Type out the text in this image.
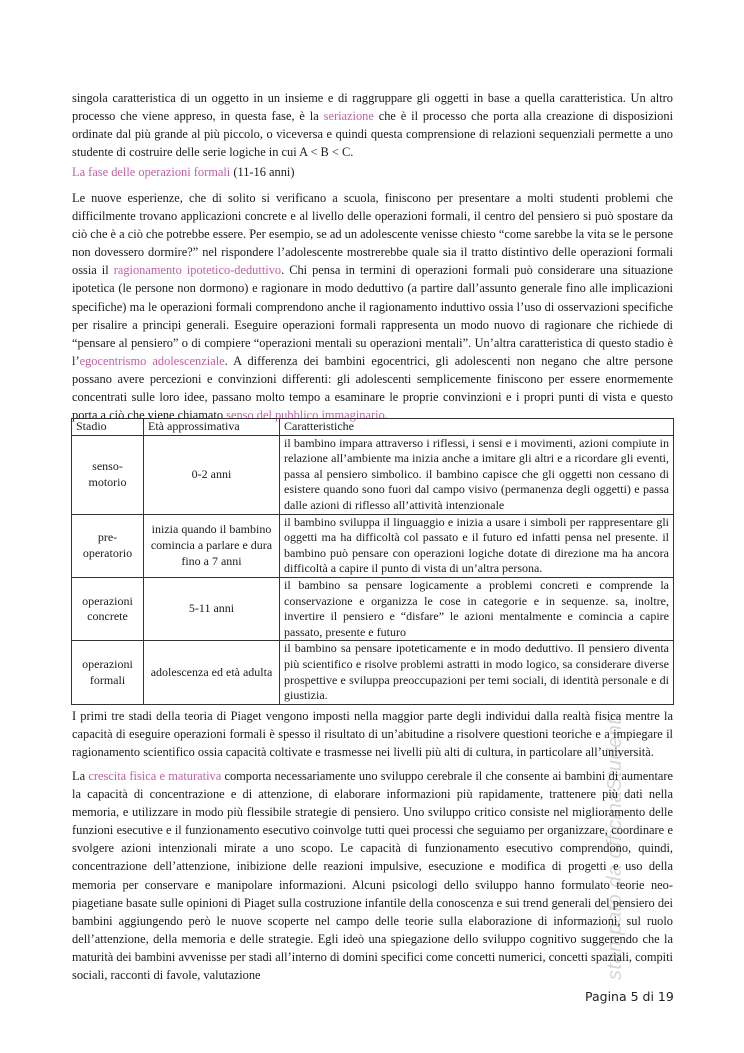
stampato da officinaStudenti

singola caratteristica di un oggetto in un insieme e di raggruppare gli oggetti in base a quella caratteristica. Un altro processo che viene appreso, in questa fase, è la seriazione che è il processo che porta alla creazione di disposizioni ordinate dal più grande al più piccolo, o viceversa e quindi questa comprensione di relazioni sequenziali permette a uno studente di costruire delle serie logiche in cui A < B < C.

La fase delle operazioni formali (11-16 anni)

Le nuove esperienze, che di solito si verificano a scuola, finiscono per presentare a molti studenti problemi che difficilmente trovano applicazioni concrete e al livello delle operazioni formali, il centro del pensiero si può spostare da ciò che è a ciò che potrebbe essere. Per esempio, se ad un adolescente venisse chiesto “come sarebbe la vita se le persone non dovessero dormire?” nel rispondere l’adolescente mostrerebbe quale sia il tratto distintivo delle operazioni formali ossia il ragionamento ipotetico-deduttivo. Chi pensa in termini di operazioni formali può considerare una situazione ipotetica (le persone non dormono) e ragionare in modo deduttivo (a partire dall’assunto generale fino alle implicazioni specifiche) ma le operazioni formali comprendono anche il ragionamento induttivo ossia l’uso di osservazioni specifiche per risalire a principi generali. Eseguire operazioni formali rappresenta un modo nuovo di ragionare che richiede di “pensare al pensiero” o di compiere “operazioni mentali su operazioni mentali”. Un’altra caratteristica di questo stadio è l’egocentrismo adolescenziale. A differenza dei bambini egocentrici, gli adolescenti non negano che altre persone possano avere percezioni e convinzioni differenti: gli adolescenti semplicemente finiscono per essere enormemente concentrati sulle loro idee, passano molto tempo a esaminare le proprie convinzioni e i propri punti di vista e questo porta a ciò che viene chiamato senso del pubblico immaginario.

Stadio	Età approssimativa	Caratteristiche
senso-motorio	0-2 anni	il bambino impara attraverso i riflessi, i sensi e i movimenti, azioni compiute in relazione all’ambiente ma inizia anche a imitare gli altri e a ricordare gli eventi, passa al pensiero simbolico. il bambino capisce che gli oggetti non cessano di esistere quando sono fuori dal campo visivo (permanenza degli oggetti) e passa dalle azioni di riflesso all’attività intenzionale
pre-operatorio	inizia quando il bambino comincia a parlare e dura fino a 7 anni	il bambino sviluppa il linguaggio e inizia a usare i simboli per rappresentare gli oggetti ma ha difficoltà col passato e il futuro ed infatti pensa nel presente. il bambino può pensare con operazioni logiche dotate di direzione ma ha ancora difficoltà a capire il punto di vista di un’altra persona.
operazioni concrete	5-11 anni	il bambino sa pensare logicamente a problemi concreti e comprende la conservazione e organizza le cose in categorie e in sequenze. sa, inoltre, invertire il pensiero e “disfare” le azioni mentalmente e comincia a capire passato, presente e futuro
operazioni formali	adolescenza ed età adulta	il bambino sa pensare ipoteticamente e in modo deduttivo. Il pensiero diventa più scientifico e risolve problemi astratti in modo logico, sa considerare diverse prospettive e sviluppa preoccupazioni per temi sociali, di identità personale e di giustizia.

I primi tre stadi della teoria di Piaget vengono imposti nella maggior parte degli individui dalla realtà fisica mentre la capacità di eseguire operazioni formali è spesso il risultato di un’abitudine a risolvere questioni teoriche e a impiegare il ragionamento scientifico ossia capacità coltivate e trasmesse nei livelli più alti di cultura, in particolare all’università.

La crescita fisica e maturativa comporta necessariamente uno sviluppo cerebrale il che consente ai bambini di aumentare la capacità di concentrazione e di attenzione, di elaborare informazioni più rapidamente, trattenere più dati nella memoria, e utilizzare in modo più flessibile strategie di pensiero. Uno sviluppo critico consiste nel miglioramento delle funzioni esecutive e il funzionamento esecutivo coinvolge tutti quei processi che seguiamo per organizzare, coordinare e svolgere azioni intenzionali mirate a uno scopo. Le capacità di funzionamento esecutivo comprendono, quindi, concentrazione dell’attenzione, inibizione delle reazioni impulsive, esecuzione e modifica di progetti e uso della memoria per conservare e manipolare informazioni. Alcuni psicologi dello sviluppo hanno formulato teorie neo-piagetiane basate sulle opinioni di Piaget sulla costruzione infantile della conoscenza e sui trend generali del pensiero dei bambini aggiungendo però le nuove scoperte nel campo delle teorie sulla elaborazione di informazioni, sul ruolo dell’attenzione, della memoria e delle strategie. Egli ideò una spiegazione dello sviluppo cognitivo suggerendo che la maturità dei bambini avvenisse per stadi all’interno di domini specifici come concetti numerici, concetti spaziali, compiti sociali, racconti di favole, valutazione

Pagina 5 di 19
